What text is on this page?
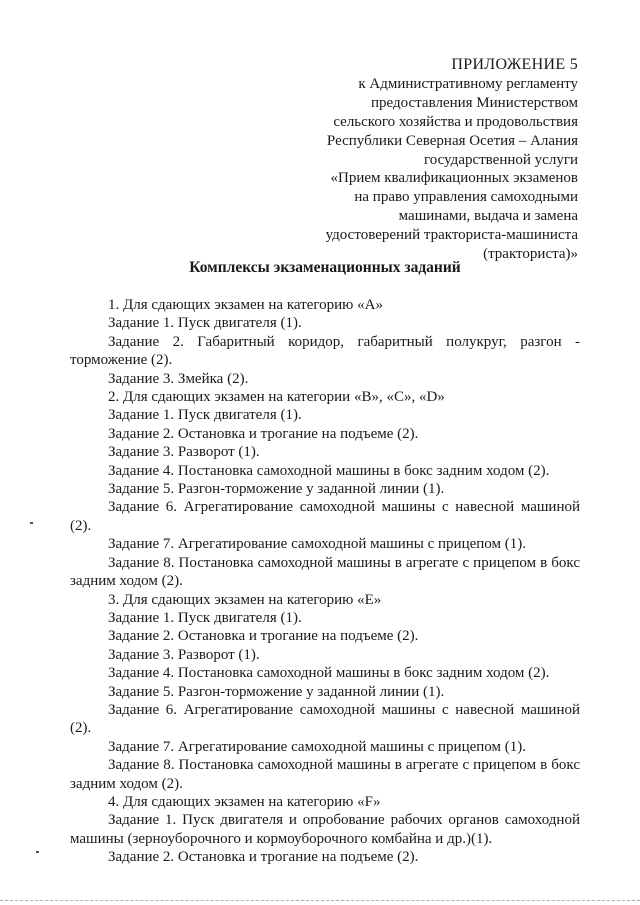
ПРИЛОЖЕНИЕ 5
к Административному регламенту
предоставления Министерством
сельского хозяйства и продовольствия
Республики Северная Осетия – Алания
государственной услуги
«Прием квалификационных экзаменов
на право управления самоходными
машинами, выдача и замена
удостоверений тракториста-машиниста
(тракториста)»
Комплексы экзаменационных заданий

1. Для сдающих экзамен на категорию «А»

Задание 1. Пуск двигателя (1).

Задание 2. Габаритный коридор, габаритный полукруг, разгон - торможение (2).

Задание 3. Змейка (2).

2. Для сдающих экзамен на категории «В», «С», «D»

Задание 1. Пуск двигателя (1).

Задание 2. Остановка и трогание на подъеме (2).

Задание 3. Разворот (1).

Задание 4. Постановка самоходной машины в бокс задним ходом (2).

Задание 5. Разгон-торможение у заданной линии (1).

Задание 6. Агрегатирование самоходной машины с навесной машиной (2).

Задание 7. Агрегатирование самоходной машины с прицепом (1).

Задание 8. Постановка самоходной машины в агрегате с прицепом в бокс задним ходом (2).

3. Для сдающих экзамен на категорию «Е»

Задание 1. Пуск двигателя (1).

Задание 2. Остановка и трогание на подъеме (2).

Задание 3. Разворот (1).

Задание 4. Постановка самоходной машины в бокс задним ходом (2).

Задание 5. Разгон-торможение у заданной линии (1).

Задание 6. Агрегатирование самоходной машины с навесной машиной (2).

Задание 7. Агрегатирование самоходной машины с прицепом (1).

Задание 8. Постановка самоходной машины в агрегате с прицепом в бокс задним ходом (2).

4. Для сдающих экзамен на категорию «F»

Задание 1. Пуск двигателя и опробование рабочих органов самоходной машины (зерноуборочного и кормоуборочного комбайна и др.)(1).

Задание 2. Остановка и трогание на подъеме (2).
